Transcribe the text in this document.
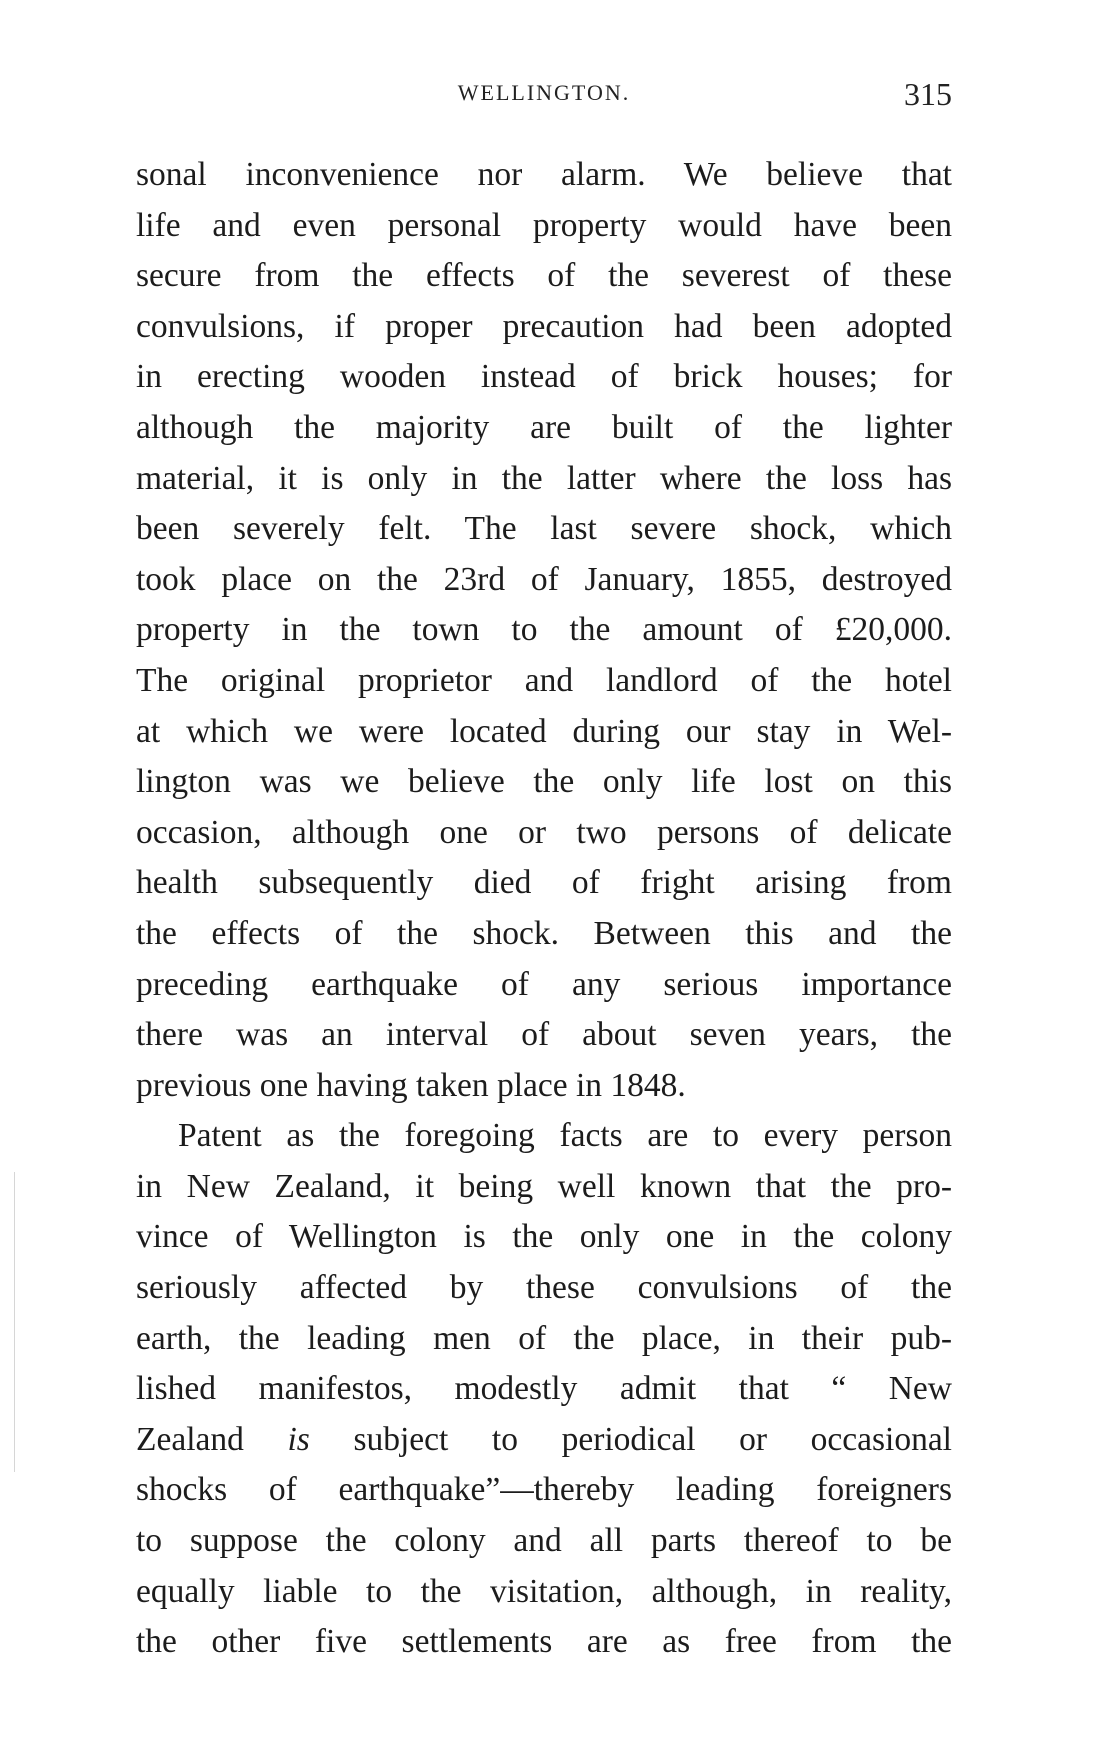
WELLINGTON.	315
sonal inconvenience nor alarm. We believe that
life and even personal property would have been
secure from the effects of the severest of these
convulsions, if proper precaution had been adopted
in erecting wooden instead of brick houses; for
although the majority are built of the lighter
material, it is only in the latter where the loss has
been severely felt. The last severe shock, which
took place on the 23rd of January, 1855, destroyed
property in the town to the amount of £20,000.
The original proprietor and landlord of the hotel
at which we were located during our stay in Wel-
lington was we believe the only life lost on this
occasion, although one or two persons of delicate
health subsequently died of fright arising from
the effects of the shock. Between this and the
preceding earthquake of any serious importance
there was an interval of about seven years, the
previous one having taken place in 1848.
Patent as the foregoing facts are to every person
in New Zealand, it being well known that the pro-
vince of Wellington is the only one in the colony
seriously affected by these convulsions of the
earth, the leading men of the place, in their pub-
lished manifestos, modestly admit that “ New
Zealand is subject to periodical or occasional
shocks of earthquake”—thereby leading foreigners
to suppose the colony and all parts thereof to be
equally liable to the visitation, although, in reality,
the other five settlements are as free from the
